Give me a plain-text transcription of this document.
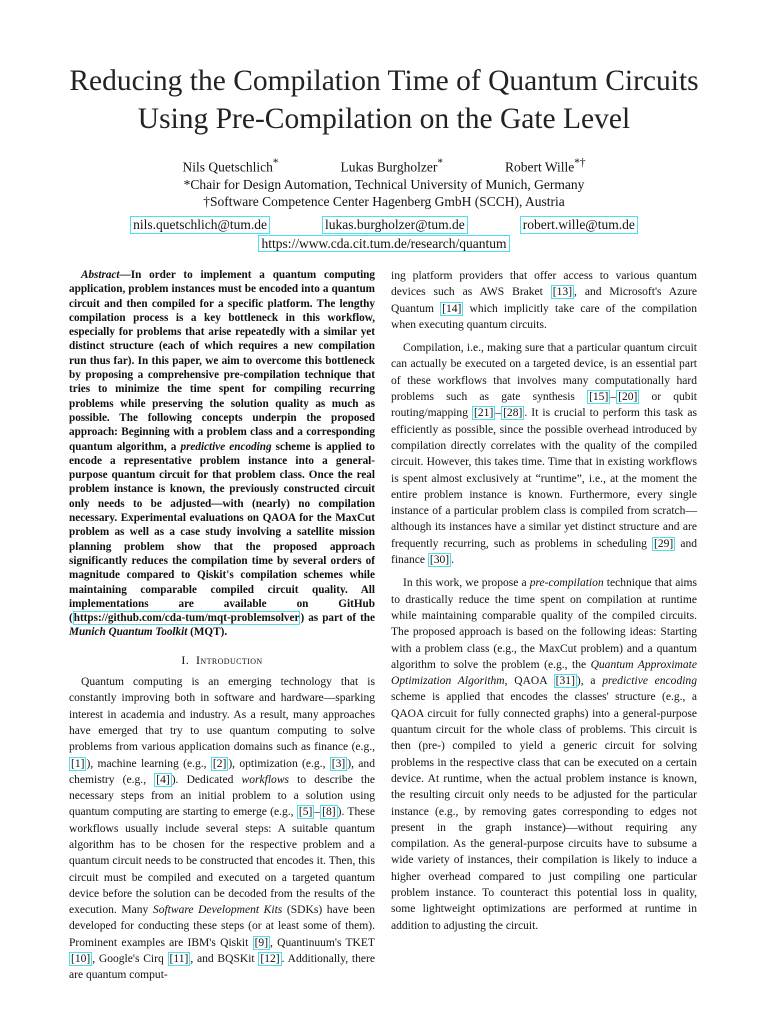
Reducing the Compilation Time of Quantum Circuits Using Pre-Compilation on the Gate Level
Nils Quetschlich*	Lukas Burgholzer*	Robert Wille*†
*Chair for Design Automation, Technical University of Munich, Germany
†Software Competence Center Hagenberg GmbH (SCCH), Austria
nils.quetschlich@tum.de	lukas.burgholzer@tum.de	robert.wille@tum.de
https://www.cda.cit.tum.de/research/quantum

Abstract—In order to implement a quantum computing application, problem instances must be encoded into a quantum circuit and then compiled for a specific platform. The lengthy compilation process is a key bottleneck in this workflow, especially for problems that arise repeatedly with a similar yet distinct structure (each of which requires a new compilation run thus far). In this paper, we aim to overcome this bottleneck by proposing a comprehensive pre-compilation technique that tries to minimize the time spent for compiling recurring problems while preserving the solution quality as much as possible. The following concepts underpin the proposed approach: Beginning with a problem class and a corresponding quantum algorithm, a predictive encoding scheme is applied to encode a representative problem instance into a general-purpose quantum circuit for that problem class. Once the real problem instance is known, the previously constructed circuit only needs to be adjusted—with (nearly) no compilation necessary. Experimental evaluations on QAOA for the MaxCut problem as well as a case study involving a satellite mission planning problem show that the proposed approach significantly reduces the compilation time by several orders of magnitude compared to Qiskit's compilation schemes while maintaining comparable compiled circuit quality. All implementations are available on GitHub (https://github.com/cda-tum/mqt-problemsolver) as part of the Munich Quantum Toolkit (MQT).

I. Introduction

Quantum computing is an emerging technology that is constantly improving both in software and hardware—sparking interest in academia and industry. As a result, many approaches have emerged that try to use quantum computing to solve problems from various application domains such as finance (e.g., [1] ), machine learning (e.g., [2] ), optimization (e.g., [3] ), and chemistry (e.g., [4] ). Dedicated workflows to describe the necessary steps from an initial problem to a solution using quantum computing are starting to emerge (e.g., [5] – [8] ). These workflows usually include several steps: A suitable quantum algorithm has to be chosen for the respective problem and a quantum circuit needs to be constructed that encodes it. Then, this circuit must be compiled and executed on a targeted quantum device before the solution can be decoded from the results of the execution. Many Software Development Kits (SDKs) have been developed for conducting these steps (or at least some of them). Prominent examples are IBM's Qiskit [9] , Quantinuum's TKET [10] , Google's Cirq [11] , and BQSKit [12] . Additionally, there are quantum comput-

ing platform providers that offer access to various quantum devices such as AWS Braket [13] , and Microsoft's Azure Quantum [14] which implicitly take care of the compilation when executing quantum circuits.

Compilation, i.e., making sure that a particular quantum circuit can actually be executed on a targeted device, is an essential part of these workflows that involves many computationally hard problems such as gate synthesis [15] – [20] or qubit routing/mapping [21] – [28] . It is crucial to perform this task as efficiently as possible, since the possible overhead introduced by compilation directly correlates with the quality of the compiled circuit. However, this takes time. Time that in existing workflows is spent almost exclusively at “runtime”, i.e., at the moment the entire problem instance is known. Furthermore, every single instance of a particular problem class is compiled from scratch—although its instances have a similar yet distinct structure and are frequently recurring, such as problems in scheduling [29] and finance [30] .

In this work, we propose a pre-compilation technique that aims to drastically reduce the time spent on compilation at runtime while maintaining comparable quality of the compiled circuits. The proposed approach is based on the following ideas: Starting with a problem class (e.g., the MaxCut problem) and a quantum algorithm to solve the problem (e.g., the Quantum Approximate Optimization Algorithm, QAOA [31] ), a predictive encoding scheme is applied that encodes the classes' structure (e.g., a QAOA circuit for fully connected graphs) into a general-purpose quantum circuit for the whole class of problems. This circuit is then (pre-) compiled to yield a generic circuit for solving problems in the respective class that can be executed on a certain device. At runtime, when the actual problem instance is known, the resulting circuit only needs to be adjusted for the particular instance (e.g., by removing gates corresponding to edges not present in the graph instance)—without requiring any compilation. As the general-purpose circuits have to subsume a wide variety of instances, their compilation is likely to induce a higher overhead compared to just compiling one particular problem instance. To counteract this potential loss in quality, some lightweight optimizations are performed at runtime in addition to adjusting the circuit.
